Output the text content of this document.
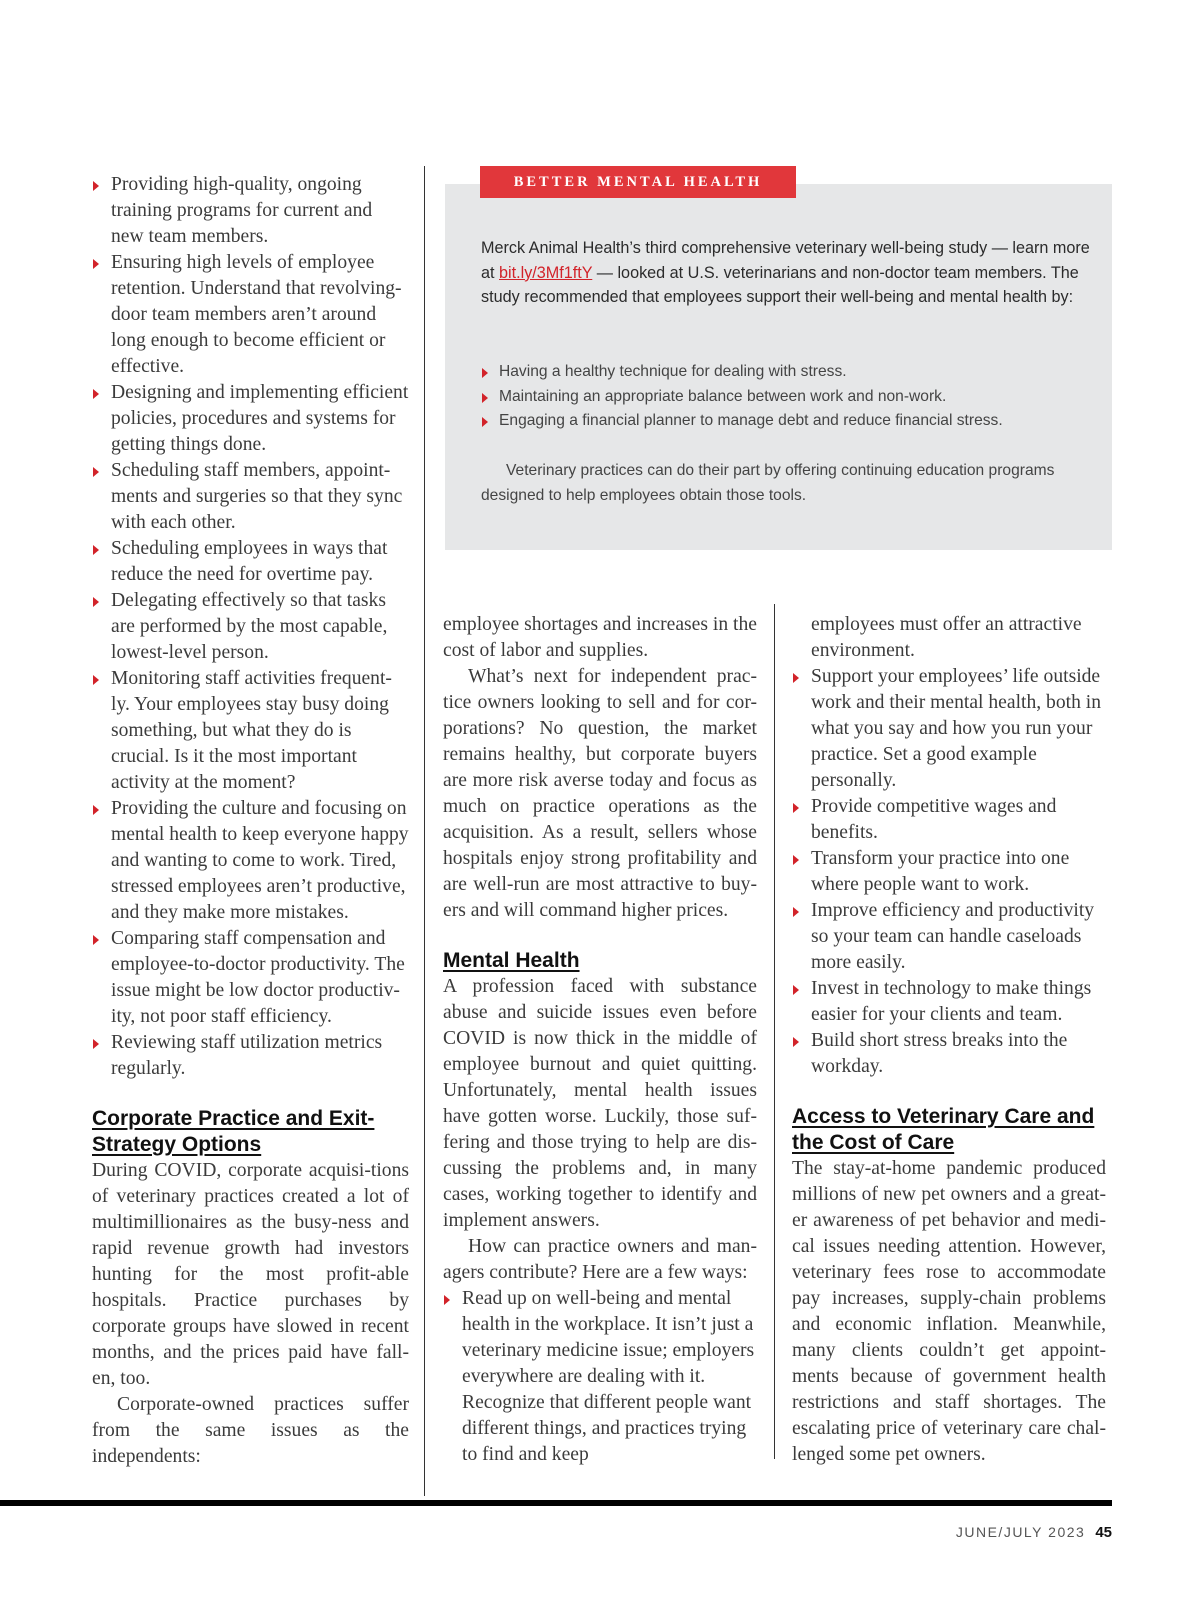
Providing high-quality, ongoing training programs for current and new team members.
Ensuring high levels of employee retention. Understand that revolving-door team members aren’t around long enough to become efficient or effective.
Designing and implementing efficient policies, procedures and systems for getting things done.
Scheduling staff members, appoint-ments and surgeries so that they sync with each other.
Scheduling employees in ways that reduce the need for overtime pay.
Delegating effectively so that tasks are performed by the most capable, lowest-level person.
Monitoring staff activities frequent-ly. Your employees stay busy doing something, but what they do is crucial. Is it the most important activity at the moment?
Providing the culture and focusing on mental health to keep everyone happy and wanting to come to work. Tired, stressed employees aren’t productive, and they make more mistakes.
Comparing staff compensation and employee-to-doctor productivity. The issue might be low doctor productiv-ity, not poor staff efficiency.
Reviewing staff utilization metrics regularly.
Corporate Practice and Exit-Strategy Options

During COVID, corporate acquisi-tions of veterinary practices created a lot of multimillionaires as the busy-ness and rapid revenue growth had investors hunting for the most profit-able hospitals. Practice purchases by corporate groups have slowed in recent months, and the prices paid have fall-en, too.

Corporate-owned practices suffer from the same issues as the independents:

BETTER MENTAL HEALTH
Merck Animal Health’s third comprehensive veterinary well-being study — learn more at bit.ly/3Mf1ftY — looked at U.S. veterinarians and non-doctor team members. The study recommended that employees support their well-being and mental health by:
Having a healthy technique for dealing with stress.
Maintaining an appropriate balance between work and non-work.
Engaging a financial planner to manage debt and reduce financial stress.
Veterinary practices can do their part by offering continuing education programs designed to help employees obtain those tools.

employee shortages and increases in the cost of labor and supplies.

What’s next for independent prac-tice owners looking to sell and for cor-porations? No question, the market remains healthy, but corporate buyers are more risk averse today and focus as much on practice operations as the acquisition. As a result, sellers whose hospitals enjoy strong profitability and are well-run are most attractive to buy-ers and will command higher prices.

Mental Health

A profession faced with substance abuse and suicide issues even before COVID is now thick in the middle of employee burnout and quiet quitting. Unfortunately, mental health issues have gotten worse. Luckily, those suf-fering and those trying to help are dis-cussing the problems and, in many cases, working together to identify and implement answers.

How can practice owners and man-agers contribute? Here are a few ways:

Read up on well-being and mental health in the workplace. It isn’t just a veterinary medicine issue; employers everywhere are dealing with it. Recognize that different people want different things, and practices trying to find and keep

employees must offer an attractive environment.

Support your employees’ life outside work and their mental health, both in what you say and how you run your practice. Set a good example personally.
Provide competitive wages and benefits.
Transform your practice into one where people want to work.
Improve efficiency and productivity so your team can handle caseloads more easily.
Invest in technology to make things easier for your clients and team.
Build short stress breaks into the workday.
Access to Veterinary Care and the Cost of Care

The stay-at-home pandemic produced millions of new pet owners and a great-er awareness of pet behavior and medi-cal issues needing attention. However, veterinary fees rose to accommodate pay increases, supply-chain problems and economic inflation. Meanwhile, many clients couldn’t get appoint-ments because of government health restrictions and staff shortages. The escalating price of veterinary care chal-lenged some pet owners.

JUNE/JULY 2023 45
